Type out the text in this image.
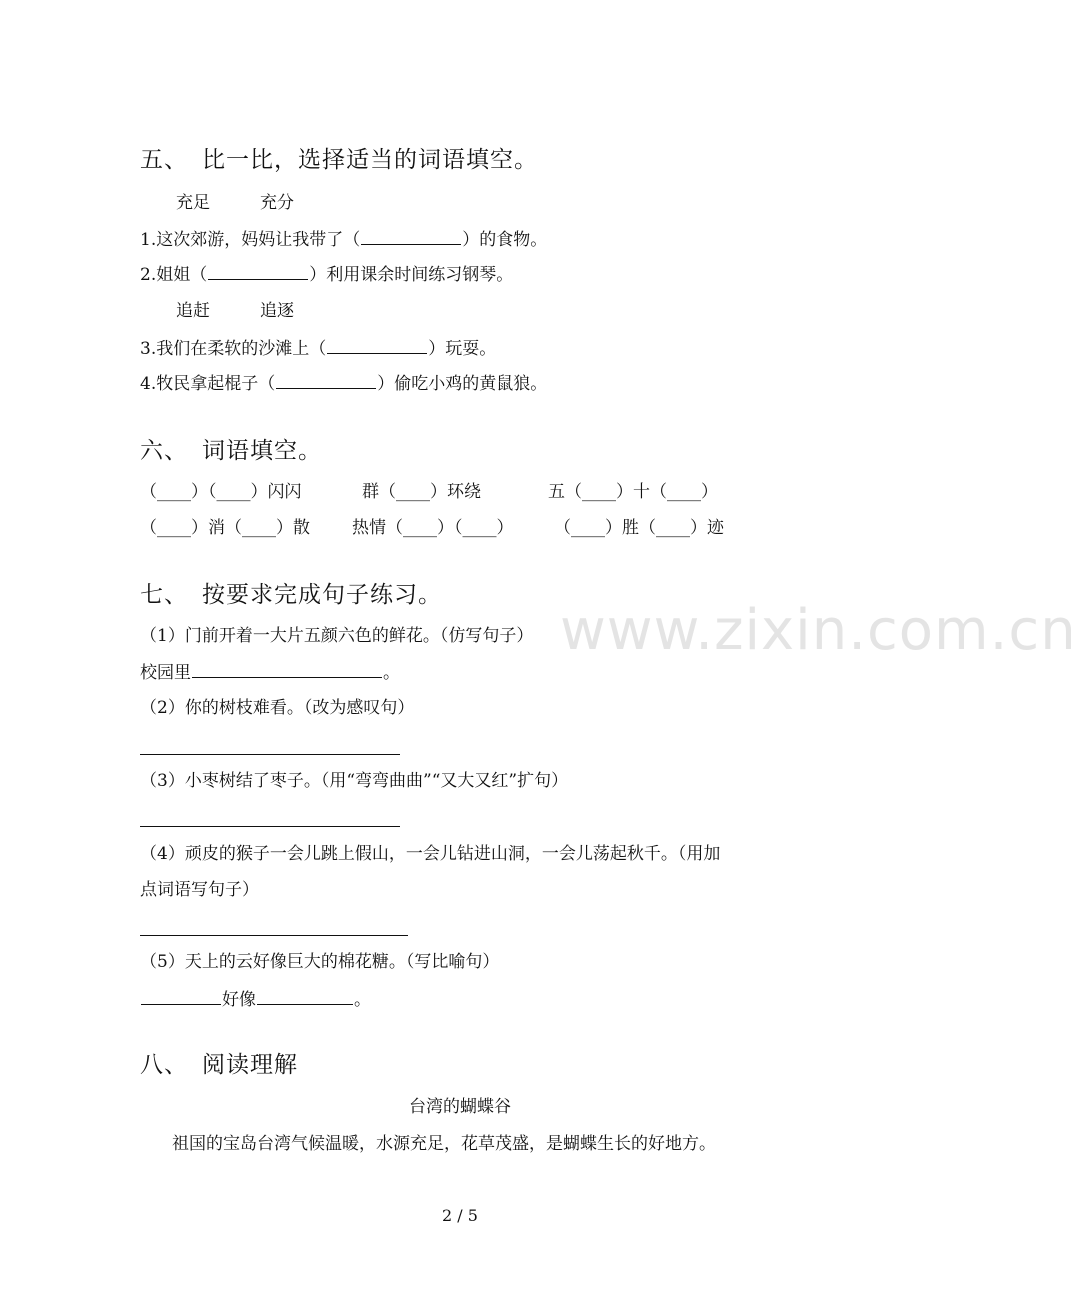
www.zixin.com.cn
五、 比一比，选择适当的词语填空。
充足	充分
1.这次郊游，妈妈让我带了（	）的食物。
2.姐姐（	）利用课余时间练习钢琴。
追赶	追逐
3.我们在柔软的沙滩上（	）玩耍。
4.牧民拿起棍子（	）偷吃小鸡的黄鼠狼。
六、 词语填空。
（____）（____）闪闪	群（____）环绕	五（____）十（____）
（____）消（____）散 热情（____）（____） （____）胜（____）迹
七、 按要求完成句子练习。
（1）门前开着一大片五颜六色的鲜花。（仿写句子）
校园里	。
（2）你的树枝难看。（改为感叹句）
（3）小枣树结了枣子。（用“弯弯曲曲”“又大又红”扩句）
（4）顽皮的猴子一会儿跳上假山，一会儿钻进山洞，一会儿荡起秋千。（用加
点词语写句子）
（5）天上的云好像巨大的棉花糖。（写比喻句）
好像	。
八、 阅读理解
台湾的蝴蝶谷
祖国的宝岛台湾气候温暖，水源充足，花草茂盛，是蝴蝶生长的好地方。
2 / 5
